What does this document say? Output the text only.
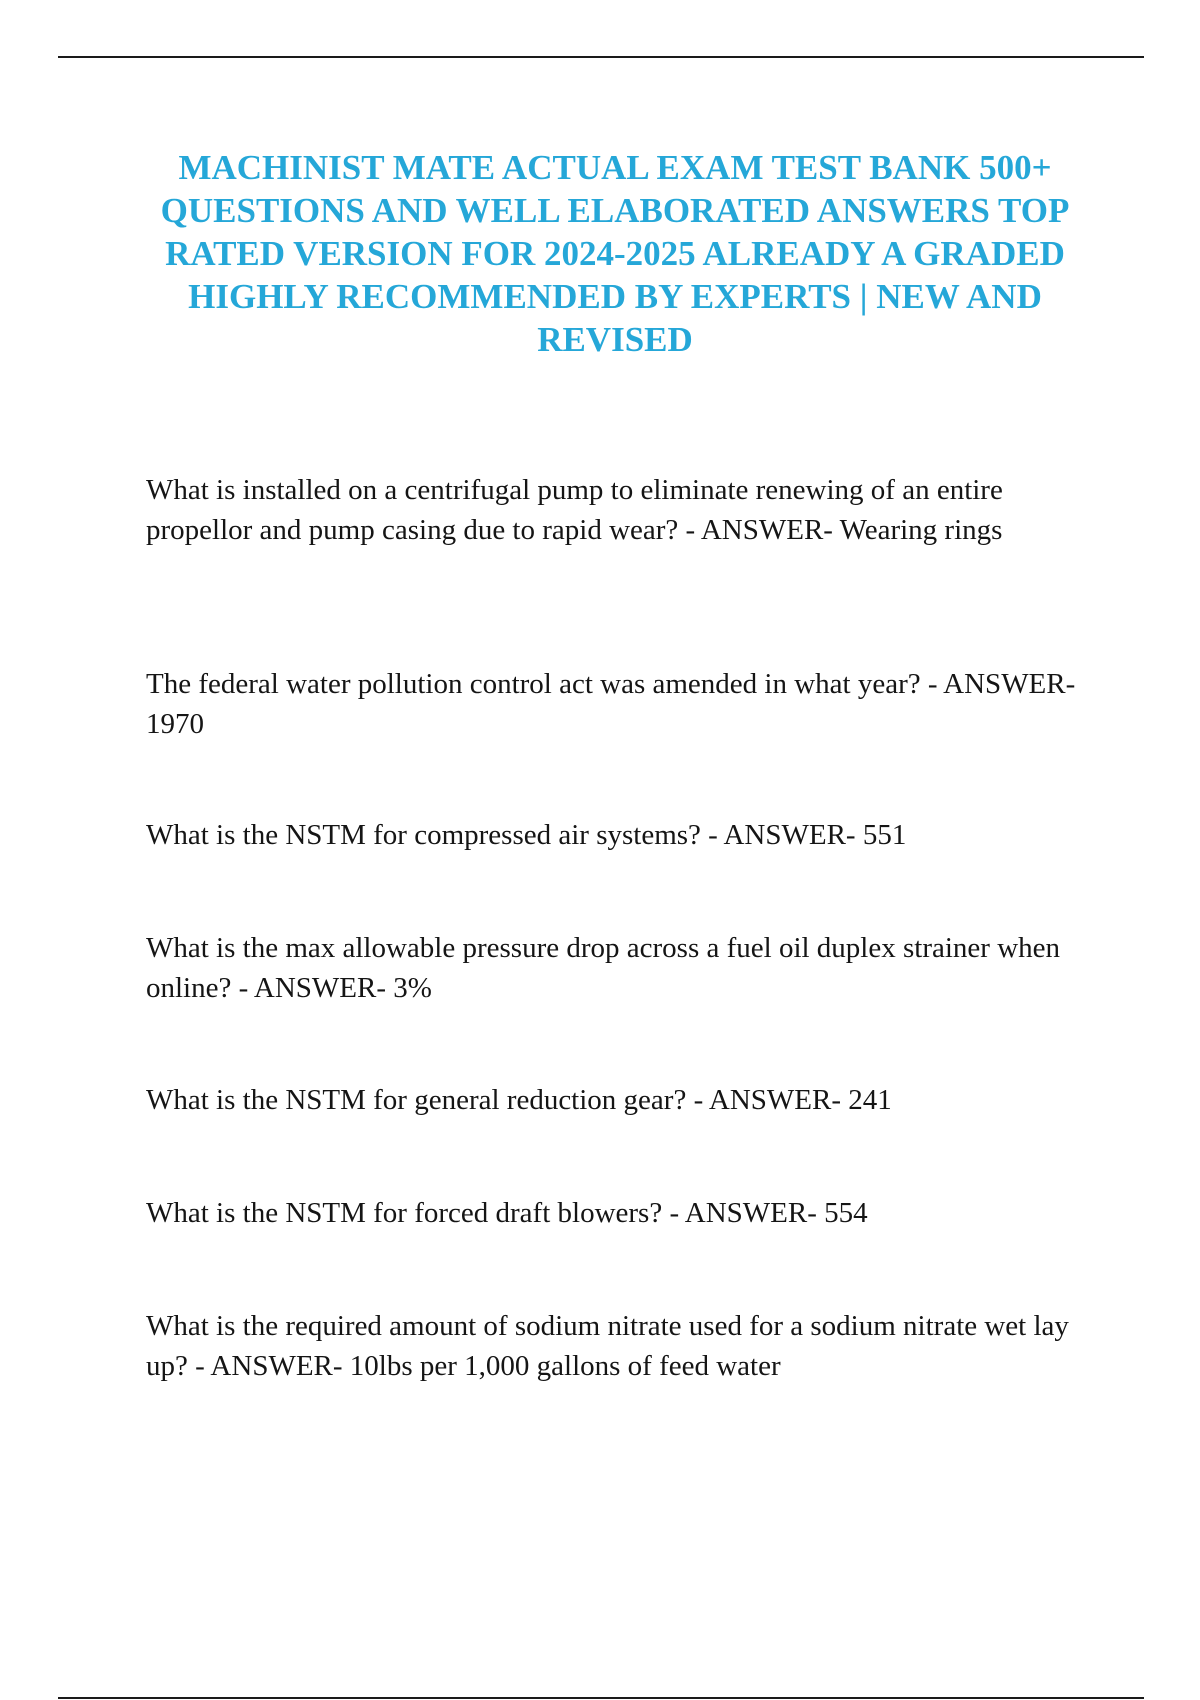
MACHINIST MATE ACTUAL EXAM TEST BANK 500+ QUESTIONS AND WELL ELABORATED ANSWERS TOP RATED VERSION FOR 2024-2025 ALREADY A GRADED HIGHLY RECOMMENDED BY EXPERTS | NEW AND REVISED
What is installed on a centrifugal pump to eliminate renewing of an entire propellor and pump casing due to rapid wear? - ANSWER- Wearing rings
The federal water pollution control act was amended in what year? - ANSWER- 1970
What is the NSTM for compressed air systems? - ANSWER- 551
What is the max allowable pressure drop across a fuel oil duplex strainer when online? - ANSWER- 3%
What is the NSTM for general reduction gear? - ANSWER- 241
What is the NSTM for forced draft blowers? - ANSWER- 554
What is the required amount of sodium nitrate used for a sodium nitrate wet lay up? - ANSWER- 10lbs per 1,000 gallons of feed water
